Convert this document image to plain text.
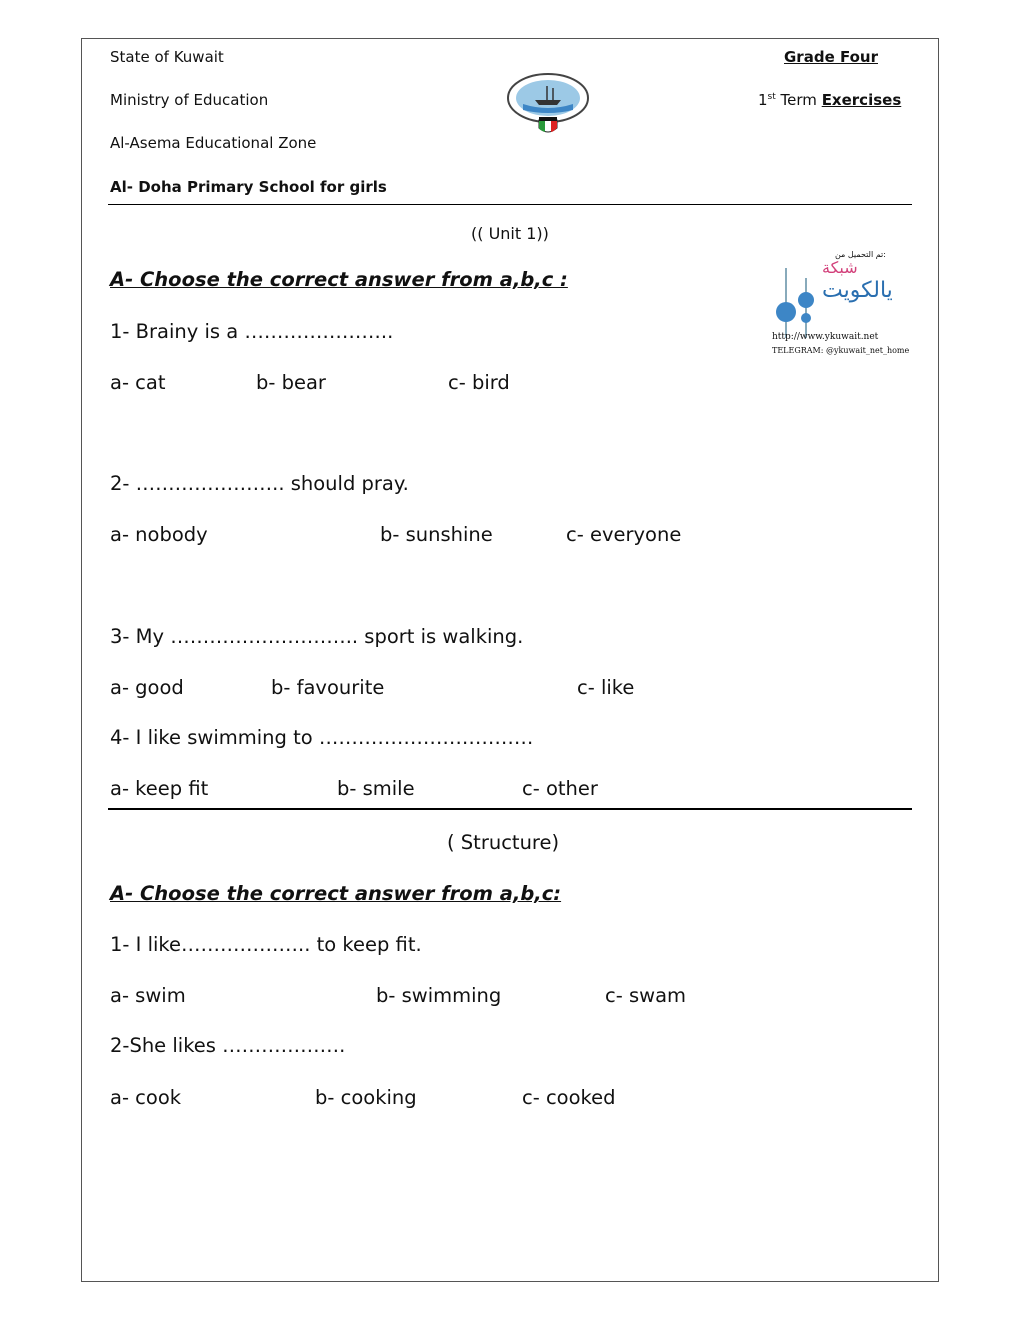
State of Kuwait
Ministry of Education
Al-Asema Educational Zone
Al- Doha Primary School for girls
Grade Four
1st Term Exercises
(( Unit 1))
تم التحميل من:
شبكة
يالكويت
http://www.ykuwait.net
TELEGRAM: @ykuwait_net_home
A- Choose the correct answer from a,b,c :
1- Brainy is a …………………..
a- cat	b- bear	c- bird
2- ………………….. should pray.
a- nobody	b- sunshine	c- everyone
3- My ……………………….. sport is walking.
a- good	b- favourite	c- like
4- I like swimming to ……………………………
a- keep fit	b- smile	c- other
( Structure)
A- Choose the correct answer from a,b,c:
1- I like……………….. to keep fit.
a- swim	b- swimming	c- swam
2-She likes ……………….
a- cook	b- cooking	c- cooked
